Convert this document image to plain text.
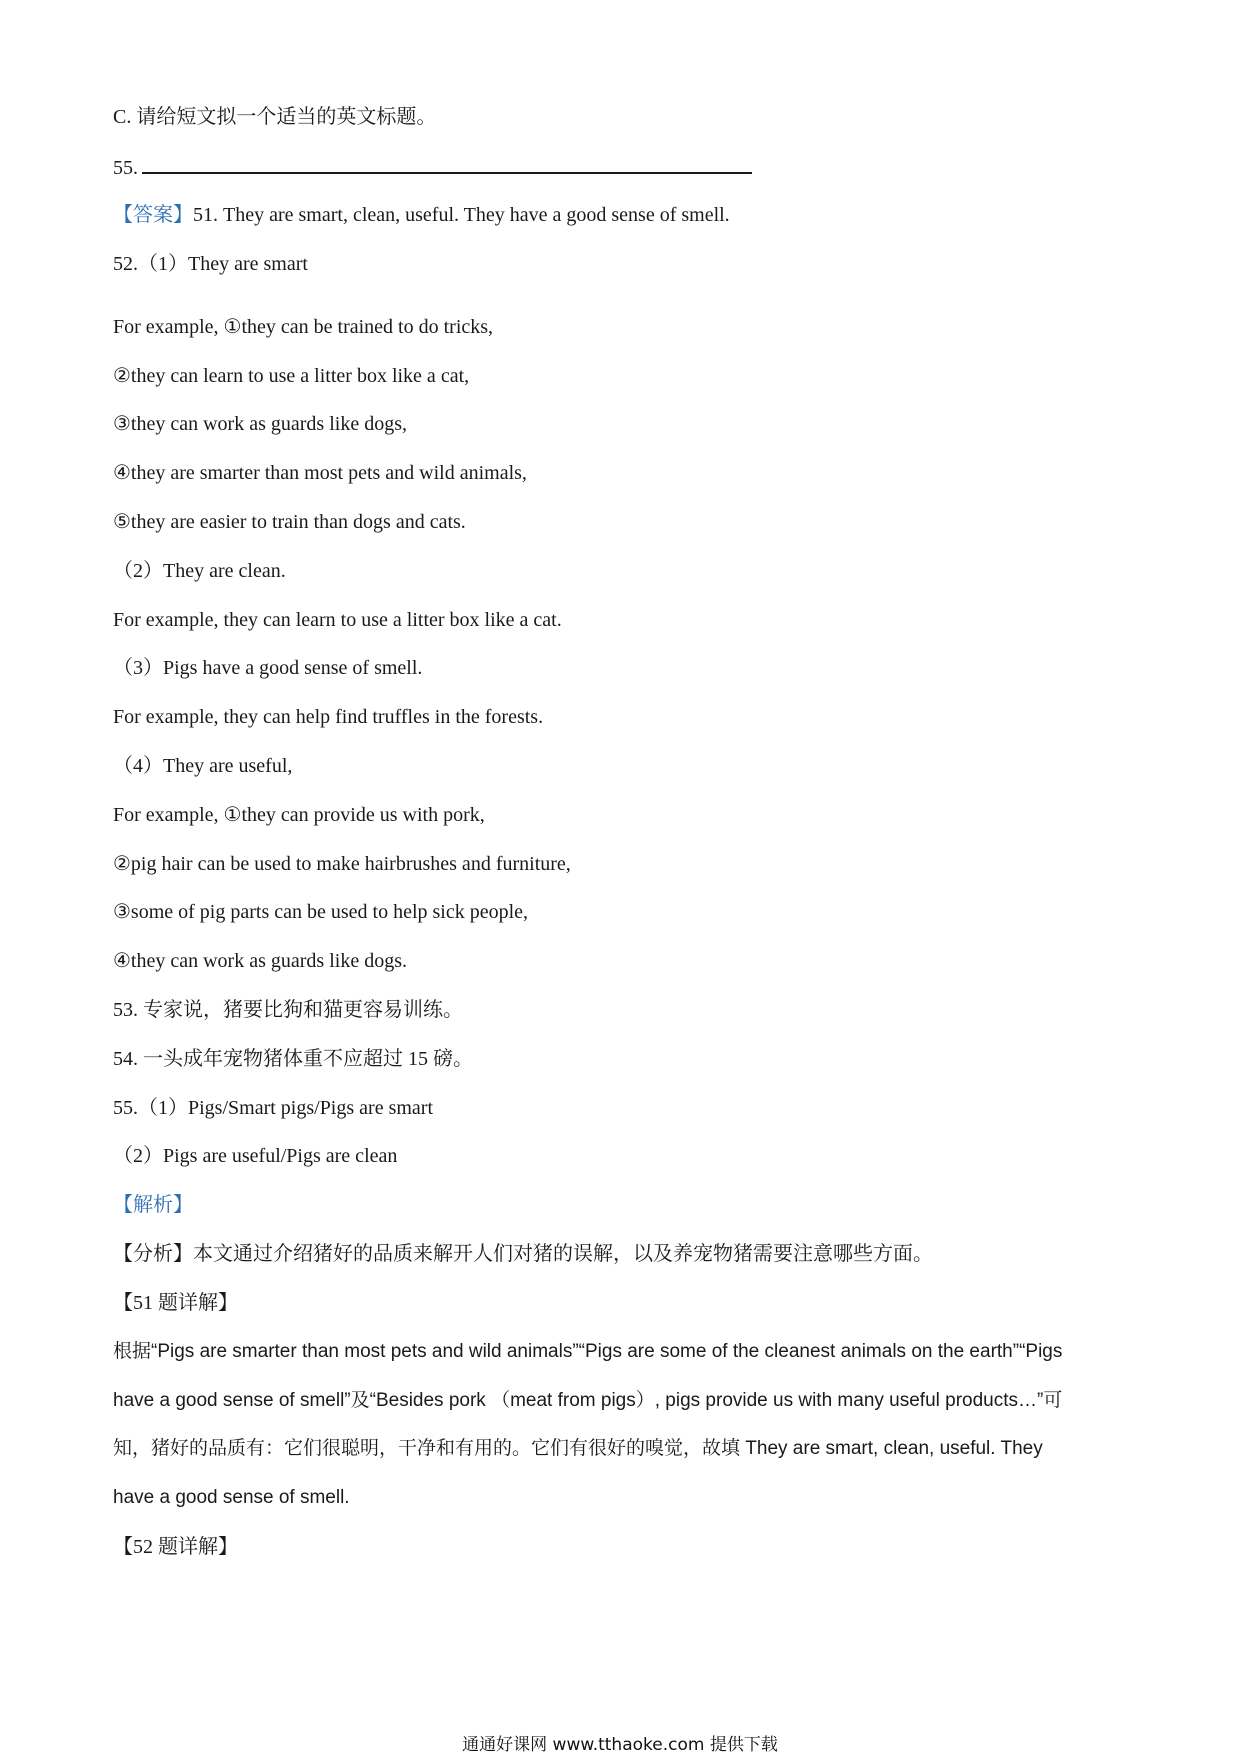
C. 请给短文拟一个适当的英文标题。
55.
【答案】51. They are smart, clean, useful. They have a good sense of smell.
52.（1）They are smart
For example, ①they can be trained to do tricks,
②they can learn to use a litter box like a cat,
③they can work as guards like dogs,
④they are smarter than most pets and wild animals,
⑤they are easier to train than dogs and cats.
（2）They are clean.
For example, they can learn to use a litter box like a cat.
（3）Pigs have a good sense of smell.
For example, they can help find truffles in the forests.
（4）They are useful,
For example, ①they can provide us with pork,
②pig hair can be used to make hairbrushes and furniture,
③some of pig parts can be used to help sick people,
④they can work as guards like dogs.
53. 专家说，猪要比狗和猫更容易训练。
54. 一头成年宠物猪体重不应超过 15 磅。
55.（1）Pigs/Smart pigs/Pigs are smart
（2）Pigs are useful/Pigs are clean
【解析】
【分析】本文通过介绍猪好的品质来解开人们对猪的误解，以及养宠物猪需要注意哪些方面。
【51 题详解】
根据“Pigs are smarter than most pets and wild animals”“Pigs are some of the cleanest animals on the earth”“Pigs
have a good sense of smell”及“Besides pork （meat from pigs）, pigs provide us with many useful products…”可
知，猪好的品质有：它们很聪明，干净和有用的。它们有很好的嗅觉，故填 They are smart, clean, useful. They
have a good sense of smell.
【52 题详解】
通通好课网 www.tthaoke.com 提供下载
